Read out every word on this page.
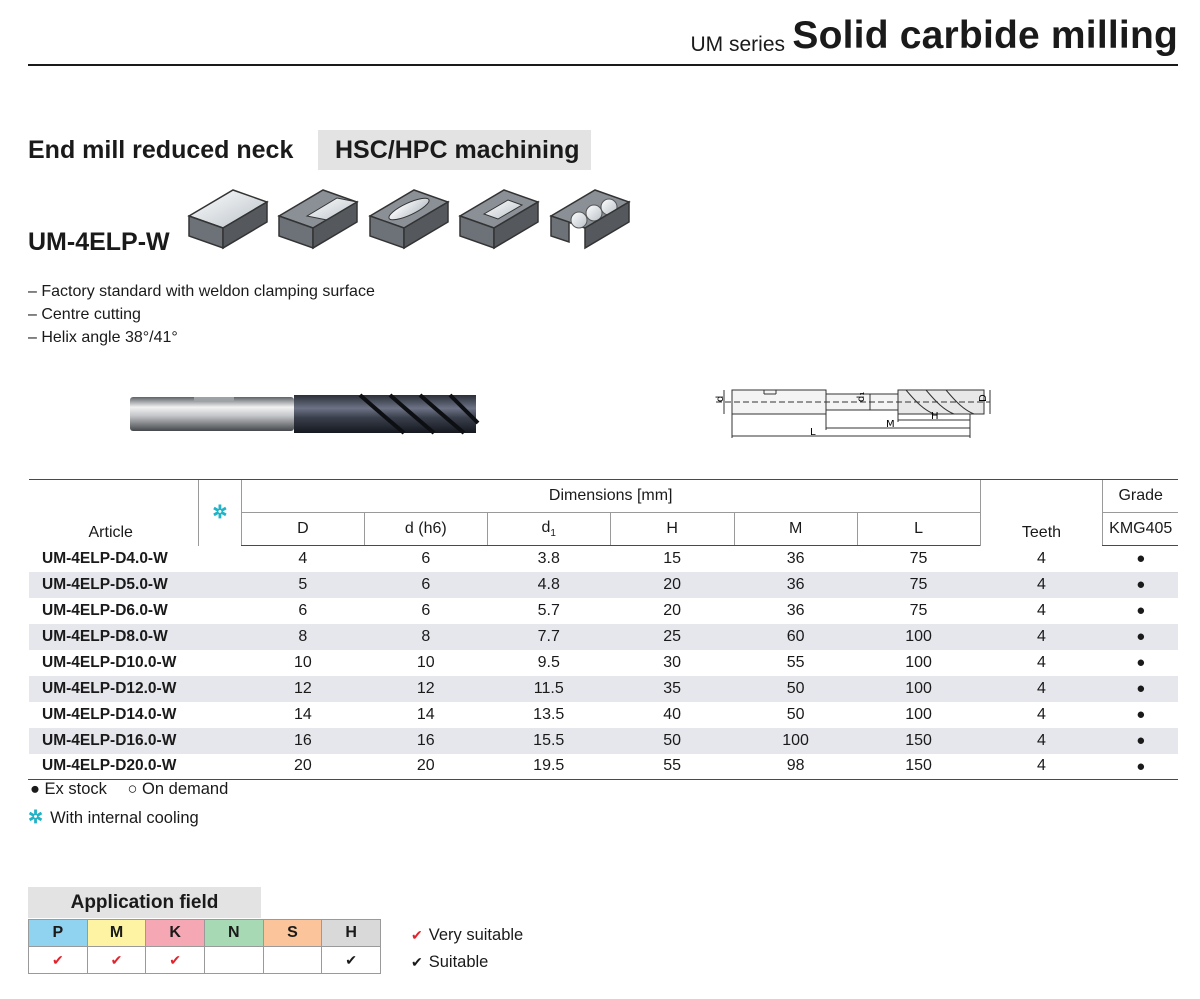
UM series Solid carbide milling
End mill reduced neck	HSC/HPC machining
UM-4ELP-W
– Factory standard with weldon clamping surface
– Centre cutting
– Helix angle 38°/41°
d	d₁	D
H
M
L
Article	✲	Dimensions [mm]						Teeth	Grade
		D	d (h6)	$d_1$	H	M	L		KMG405
UM-4ELP-D4.0-W		4	6	3.8	15	36	75	4	●
UM-4ELP-D5.0-W		5	6	4.8	20	36	75	4	●
UM-4ELP-D6.0-W		6	6	5.7	20	36	75	4	●
UM-4ELP-D8.0-W		8	8	7.7	25	60	100	4	●
UM-4ELP-D10.0-W		10	10	9.5	30	55	100	4	●
UM-4ELP-D12.0-W		12	12	11.5	35	50	100	4	●
UM-4ELP-D14.0-W		14	14	13.5	40	50	100	4	●
UM-4ELP-D16.0-W		16	16	15.5	50	100	150	4	●
UM-4ELP-D20.0-W		20	20	19.5	55	98	150	4	●
● Ex stock ○ On demand
✲ With internal cooling
Application field
P	M	K	N	S	H
✔	✔	✔			✔
✔ Very suitable
✔ Suitable
